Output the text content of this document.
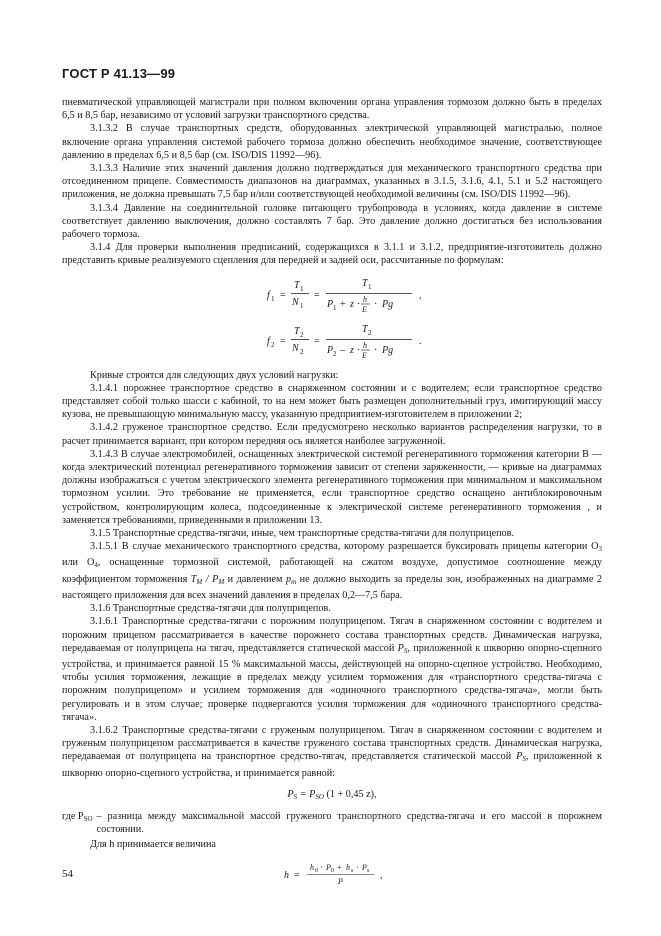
ГОСТ Р 41.13—99

пневматической управляющей магистрали при полном включении органа управления тормозом должно быть в пределах 6,5 и 8,5 бар, независимо от условий загрузки транспортного средства.

3.1.3.2 В случае транспортных средств, оборудованных электрической управляющей магистралью, полное включение органа управления системой рабочего тормоза должно обеспечить необходимое значение, соответствующее давлению в пределах 6,5 и 8,5 бар (см. ISO/DIS 11992—96).

3.1.3.3 Наличие этих значений давления должно подтверждаться для механического транспортного средства при отсоединенном прицепе. Совместимость диапазонов на диаграммах, указанных в 3.1.5, 3.1.6, 4.1, 5.1 и 5.2 настоящего приложения, не должна превышать 7,5 бар и/или соответствующей необходимой величины (см. ISO/DIS 11992—96).

3.1.3.4 Давление на соединительной головке питающего трубопровода в условиях, когда давление в системе соответствует давлению выключения, должно составлять 7 бар. Это давление должно достигаться без использования рабочего тормоза.

3.1.4 Для проверки выполнения предписаний, содержащихся в 3.1.1 и 3.1.2, предприятие-изготовитель должно представить кривые реализуемого сцепления для передней и задней оси, рассчитанные по формулам:

f 1 =
T 1
N 1
=
T 1
P 1 + z · h
E · Pg
,
f 2 =
T 2
N 2
=
T 2
P 2 – z · h
E · Pg
.

Кривые строятся для следующих двух условий нагрузки:

3.1.4.1 порожнее транспортное средство в снаряженном состоянии и с водителем; если транспортное средство представляет собой только шасси с кабиной, то на нем может быть размещен дополнительный груз, имитирующий массу кузова, не превышающую минимальную массу, указанную предприятием-изготовителем в приложении 2;

3.1.4.2 груженое транспортное средство. Если предусмотрено несколько вариантов распределения нагрузки, то в расчет принимается вариант, при котором передняя ось является наиболее загруженной.

3.1.4.3 В случае электромобилей, оснащенных электрической системой регенеративного торможения категории В — когда электрический потенциал регенеративного торможения зависит от степени заряженности, — кривые на диаграммах должны изображаться с учетом электрического элемента регенеративного торможения при минимальном и максимальном тормозном усилии. Это требование не применяется, если транспортное средство оснащено антиблокировочным устройством, контролирующим колеса, подсоединенные к электрической системе регенеративного торможения , и заменяется требованиями, приведенными в приложении 13.

3.1.5 Транспортные средства-тягачи, иные, чем транспортные средства-тягачи для полуприцепов.

3.1.5.1 В случае механического транспортного средства, которому разрешается буксировать прицепы категории $O_3$ или $O_4$, оснащенные тормозной системой, работающей на сжатом воздухе, допустимое соотношение между коэффициентом торможения $T_M / P_M$ и давлением $p_m$ не должно выходить за пределы зон, изображенных на диаграмме 2 настоящего приложения для всех значений давления в пределах 0,2—7,5 бара.

3.1.6 Транспортные средства-тягачи для полуприцепов.

3.1.6.1 Транспортные средства-тягачи с порожним полуприцепом. Тягач в снаряженном состоянии с водителем и порожним прицепом рассматривается в качестве порожнего состава транспортных средств. Динамическая нагрузка, передаваемая от полуприцепа на тягач, представляется статической массой $P_S$, приложенной к шкворню опорно-сцепного устройства, и принимается равной 15 % максимальной массы, действующей на опорно-сцепное устройство. Необходимо, чтобы усилия торможения, лежащие в пределах между усилием торможения для «транспортного средства-тягача с порожним полуприцепом» и усилием торможения для «одиночного транспортного средства-тягача», могли быть регулировать и в этом случае; проверке подвергаются усилия торможения для «одиночного транспортного средства-тягача».

3.1.6.2 Транспортные средства-тягачи с груженым полуприцепом. Тягач в снаряженном состоянии с водителем и груженым полуприцепом рассматривается в качестве груженого состава транспортных средств. Динамическая нагрузка, передаваемая от полуприцепа на транспортное средство-тягач, представляется статической массой $P_S$, приложенной к шкворню опорно-сцепного устройства, и принимается равной:

$P_S = P_{SO}$ (1 + 0,45 z),
где $P_{SO}$ – разница между максимальной массой груженого транспортного средства-тягача и его массой в порожнем состоянии.

Для h принимается величина

h =
h 0 · P 0 + h s · P s
P
,
54
